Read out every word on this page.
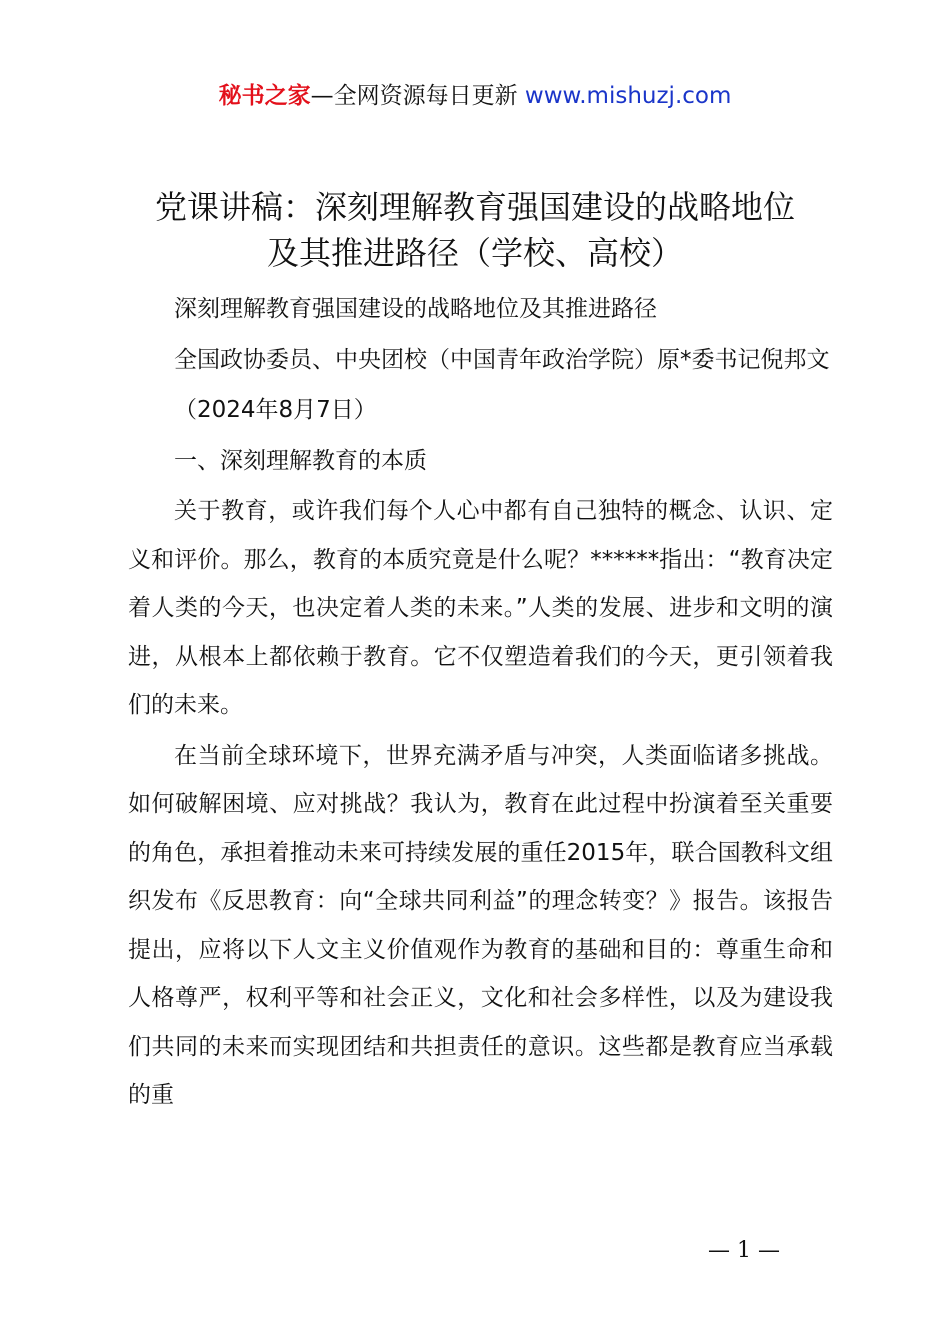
秘书之家—全网资源每日更新 www.mishuzj.com
党课讲稿：深刻理解教育强国建设的战略地位
及其推进路径（学校、高校）

深刻理解教育强国建设的战略地位及其推进路径

全国政协委员、中央团校（中国青年政治学院）原*委书记倪邦文

（2024年8月7日）

一、深刻理解教育的本质

关于教育，或许我们每个人心中都有自己独特的概念、认识、定义和评价。那么，教育的本质究竟是什么呢？******指出：“教育决定着人类的今天，也决定着人类的未来。”人类的发展、进步和文明的演进，从根本上都依赖于教育。它不仅塑造着我们的今天，更引领着我们的未来。

在当前全球环境下，世界充满矛盾与冲突，人类面临诸多挑战。如何破解困境、应对挑战？我认为，教育在此过程中扮演着至关重要的角色，承担着推动未来可持续发展的重任2015年，联合国教科文组织发布《反思教育：向“全球共同利益”的理念转变？》报告。该报告提出，应将以下人文主义价值观作为教育的基础和目的：尊重生命和人格尊严，权利平等和社会正义，文化和社会多样性，以及为建设我们共同的未来而实现团结和共担责任的意识。这些都是教育应当承载的重

— 1 —
